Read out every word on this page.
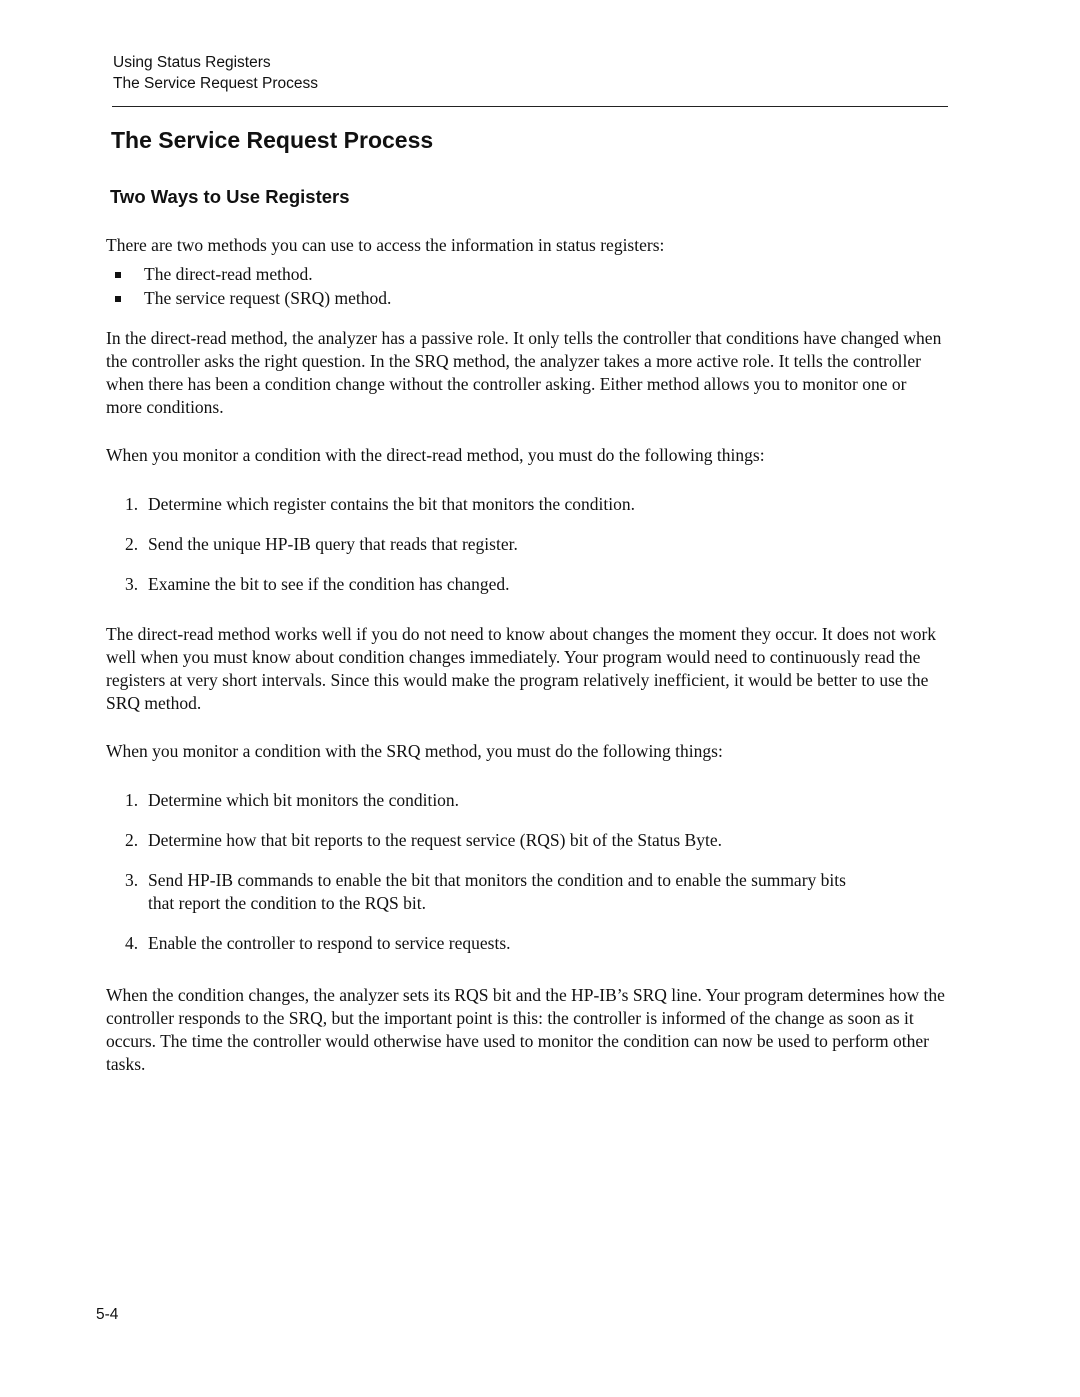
Using Status Registers
The Service Request Process
The Service Request Process
Two Ways to Use Registers

There are two methods you can use to access the information in status registers:

The direct-read method.
The service request (SRQ) method.

In the direct-read method, the analyzer has a passive role. It only tells the controller that conditions have changed when the controller asks the right question. In the SRQ method, the analyzer takes a more active role. It tells the controller when there has been a condition change without the controller asking. Either method allows you to monitor one or more conditions.

When you monitor a condition with the direct-read method, you must do the following things:

1. Determine which register contains the bit that monitors the condition.
2. Send the unique HP-IB query that reads that register.
3. Examine the bit to see if the condition has changed.

The direct-read method works well if you do not need to know about changes the moment they occur. It does not work well when you must know about condition changes immediately. Your program would need to continuously read the registers at very short intervals. Since this would make the program relatively inefficient, it would be better to use the SRQ method.

When you monitor a condition with the SRQ method, you must do the following things:

1. Determine which bit monitors the condition.
2. Determine how that bit reports to the request service (RQS) bit of the Status Byte.
3. Send HP-IB commands to enable the bit that monitors the condition and to enable the summary bits that report the condition to the RQS bit.
4. Enable the controller to respond to service requests.

When the condition changes, the analyzer sets its RQS bit and the HP-IB’s SRQ line. Your program determines how the controller responds to the SRQ, but the important point is this: the controller is informed of the change as soon as it occurs. The time the controller would otherwise have used to monitor the condition can now be used to perform other tasks.

5-4
